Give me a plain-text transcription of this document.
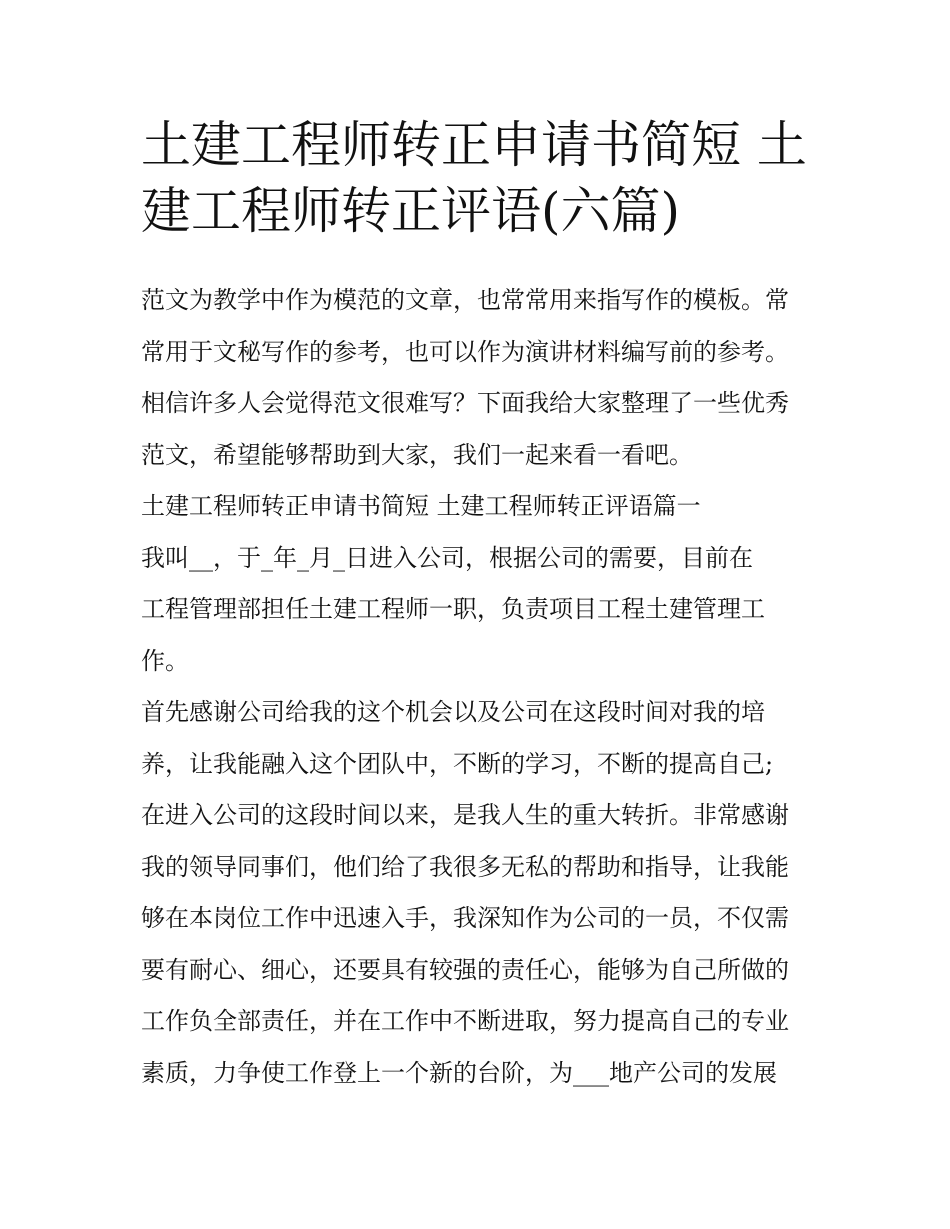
土建工程师转正申请书简短 土
建工程师转正评语(六篇)
范文为教学中作为模范的文章，也常常用来指写作的模板。常
常用于文秘写作的参考，也可以作为演讲材料编写前的参考。
相信许多人会觉得范文很难写？下面我给大家整理了一些优秀
范文，希望能够帮助到大家，我们一起来看一看吧。
土建工程师转正申请书简短 土建工程师转正评语篇一
我叫__，于_年_月_日进入公司，根据公司的需要，目前在
工程管理部担任土建工程师一职，负责项目工程土建管理工
作。
首先感谢公司给我的这个机会以及公司在这段时间对我的培
养，让我能融入这个团队中，不断的学习，不断的提高自己;
在进入公司的这段时间以来，是我人生的重大转折。非常感谢
我的领导同事们，他们给了我很多无私的帮助和指导，让我能
够在本岗位工作中迅速入手，我深知作为公司的一员，不仅需
要有耐心、细心，还要具有较强的责任心，能够为自己所做的
工作负全部责任，并在工作中不断进取，努力提高自己的专业
素质，力争使工作登上一个新的台阶，为___地产公司的发展
